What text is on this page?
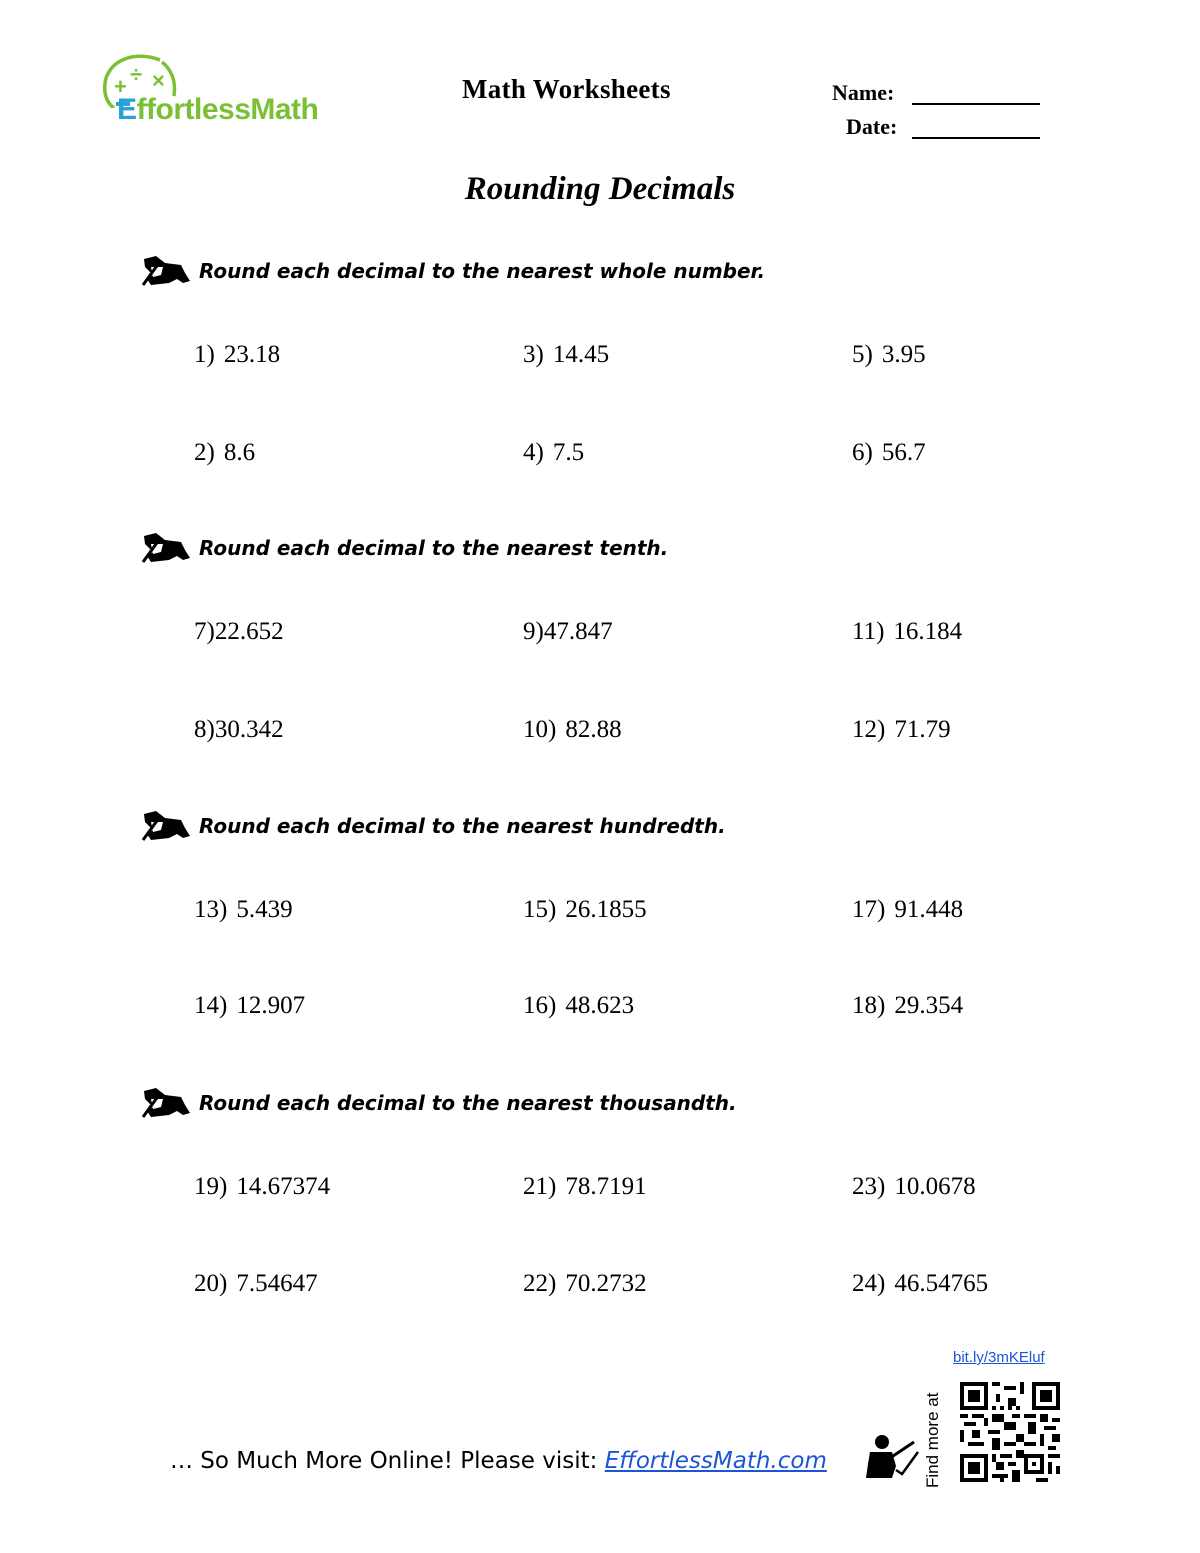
+ ÷ ×
EffortlessMath
Math Worksheets	Name:
Date:
Rounding Decimals
Round each decimal to the nearest whole number.
Round each decimal to the nearest tenth.
Round each decimal to the nearest hundredth.
Round each decimal to the nearest thousandth.
1) 23.18
2) 8.6
3) 14.45
4) 7.5
5) 3.95
6) 56.7
7)22.652
8)30.342
9)47.847
10) 82.88
11) 16.184
12) 71.79
13) 5.439
14) 12.907
15) 26.1855
16) 48.623
17) 91.448
18) 29.354
19) 14.67374
20) 7.54647
21) 78.7191
22) 70.2732
23) 10.0678
24) 46.54765
bit.ly/3mKEluf
… So Much More Online! Please visit: EffortlessMath.com	Find more at
